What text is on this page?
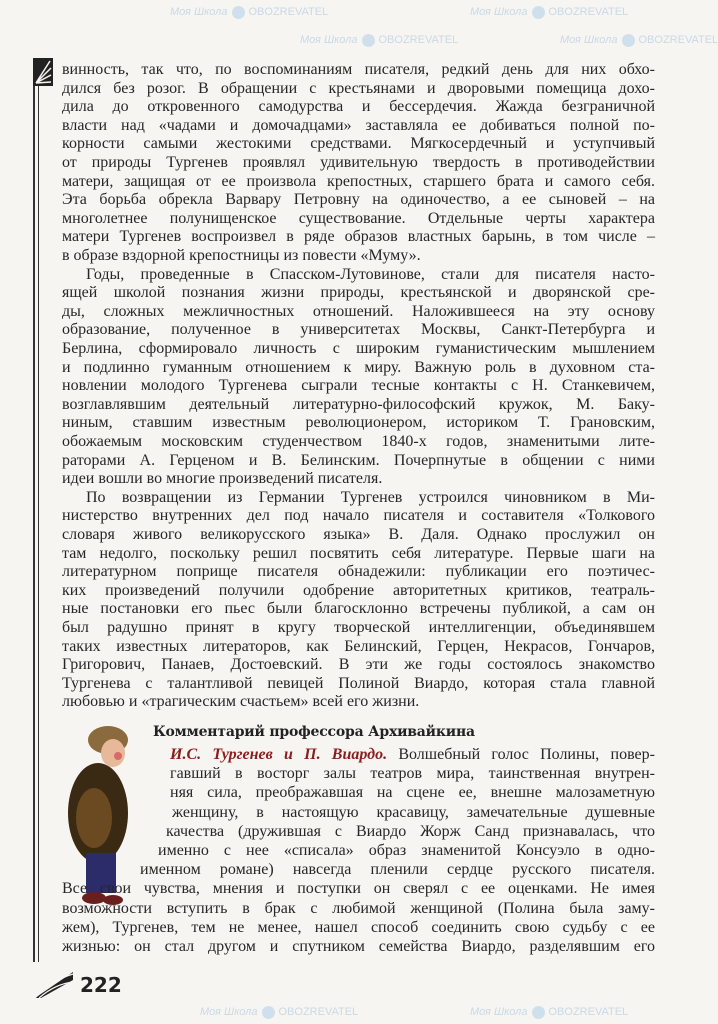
Моя Школа OBOZREVATEL	Моя Школа OBOZREVATEL
Моя Школа OBOZREVATEL	Моя Школа OBOZREVATEL
Моя Школа OBOZREVATEL	Моя Школа OBOZREVATEL
винность, так что, по воспоминаниям писателя, редкий день для них обхо-
дился без розог. В обращении с крестьянами и дворовыми помещица дохо-
дила до откровенного самодурства и бессердечия. Жажда безграничной
власти над «чадами и домочадцами» заставляла ее добиваться полной по-
корности самыми жестокими средствами. Мягкосердечный и уступчивый
от природы Тургенев проявлял удивительную твердость в противодействии
матери, защищая от ее произвола крепостных, старшего брата и самого себя.
Эта борьба обрекла Варвару Петровну на одиночество, а ее сыновей – на
многолетнее полунищенское существование. Отдельные черты характера
матери Тургенев воспроизвел в ряде образов властных барынь, в том числе –
в образе вздорной крепостницы из повести «Муму».
Годы, проведенные в Спасском-Лутовинове, стали для писателя насто-
ящей школой познания жизни природы, крестьянской и дворянской сре-
ды, сложных межличностных отношений. Наложившееся на эту основу
образование, полученное в университетах Москвы, Санкт-Петербурга и
Берлина, сформировало личность с широким гуманистическим мышлением
и подлинно гуманным отношением к миру. Важную роль в духовном ста-
новлении молодого Тургенева сыграли тесные контакты с Н. Станкевичем,
возглавлявшим деятельный литературно-философский кружок, М. Баку-
ниным, ставшим известным революционером, историком Т. Грановским,
обожаемым московским студенчеством 1840-х годов, знаменитыми лите-
раторами А. Герценом и В. Белинским. Почерпнутые в общении с ними
идеи вошли во многие произведений писателя.
По возвращении из Германии Тургенев устроился чиновником в Ми-
нистерство внутренних дел под начало писателя и составителя «Толкового
словаря живого великорусского языка» В. Даля. Однако прослужил он
там недолго, поскольку решил посвятить себя литературе. Первые шаги на
литературном поприще писателя обнадежили: публикации его поэтичес-
ких произведений получили одобрение авторитетных критиков, театраль-
ные постановки его пьес были благосклонно встречены публикой, а сам он
был радушно принят в кругу творческой интеллигенции, объединявшем
таких известных литераторов, как Белинский, Герцен, Некрасов, Гончаров,
Григорович, Панаев, Достоевский. В эти же годы состоялось знакомство
Тургенева с талантливой певицей Полиной Виардо, которая стала главной
любовью и «трагическим счастьем» всей его жизни.
Комментарий профессора Архивайкина
И.С. Тургенев и П. Виардо. Волшебный голос Полины, повер-
гавший в восторг залы театров мира, таинственная внутрен-
няя сила, преображавшая на сцене ее, внешне малозаметную
женщину, в настоящую красавицу, замечательные душевные
качества (дружившая с Виардо Жорж Санд признавалась, что
именно с нее «списала» образ знаменитой Консуэло в одно-
именном романе) навсегда пленили сердце русского писателя.
Все свои чувства, мнения и поступки он сверял с ее оценками. Не имея
возможности вступить в брак с любимой женщиной (Полина была заму-
жем), Тургенев, тем не менее, нашел способ соединить свою судьбу с ее
жизнью: он стал другом и спутником семейства Виардо, разделявшим его
222
